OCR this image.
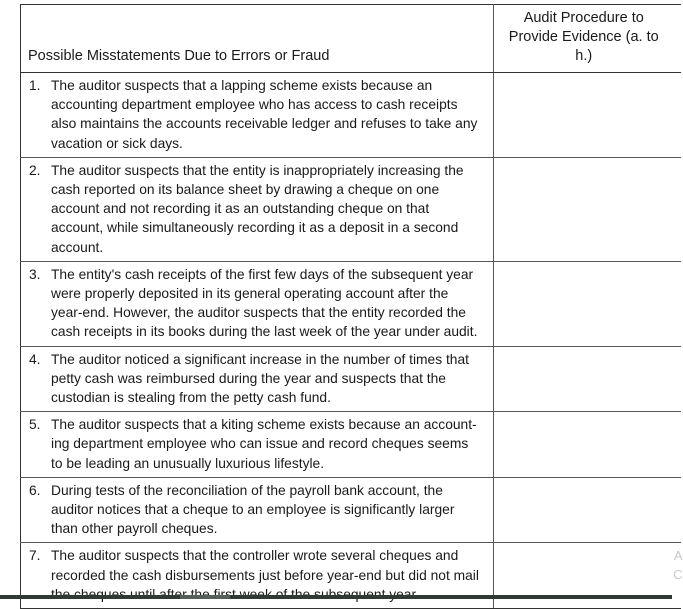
Possible Misstatements Due to Errors or Fraud	Audit Procedure to
Provide Evidence (a. to h.)

1. The auditor suspects that a lapping scheme exists because an accounting department employee who has access to cash receipts also maintains the accounts receivable ledger and refuses to take any vacation or sick days.	

2. The auditor suspects that the entity is inappropriately increasing the cash reported on its balance sheet by drawing a cheque on one account and not recording it as an outstanding cheque on that account, while simultaneously recording it as a deposit in a second account.	

3. The entity's cash receipts of the first few days of the subsequent year were properly deposited in its general operating account after the year-end. However, the auditor suspects that the entity recorded the cash receipts in its books during the last week of the year under audit.	

4. The auditor noticed a significant increase in the number of times that petty cash was reimbursed during the year and suspects that the custodian is stealing from the petty cash fund.	

5. The auditor suspects that a kiting scheme exists because an account-ing department employee who can issue and record cheques seems to be leading an unusually luxurious lifestyle.	

6. During tests of the reconciliation of the payroll bank account, the auditor notices that a cheque to an employee is significantly larger than other payroll cheques.	

7. The auditor suspects that the controller wrote several cheques and recorded the cash disbursements just before year-end but did not mail	A
C
